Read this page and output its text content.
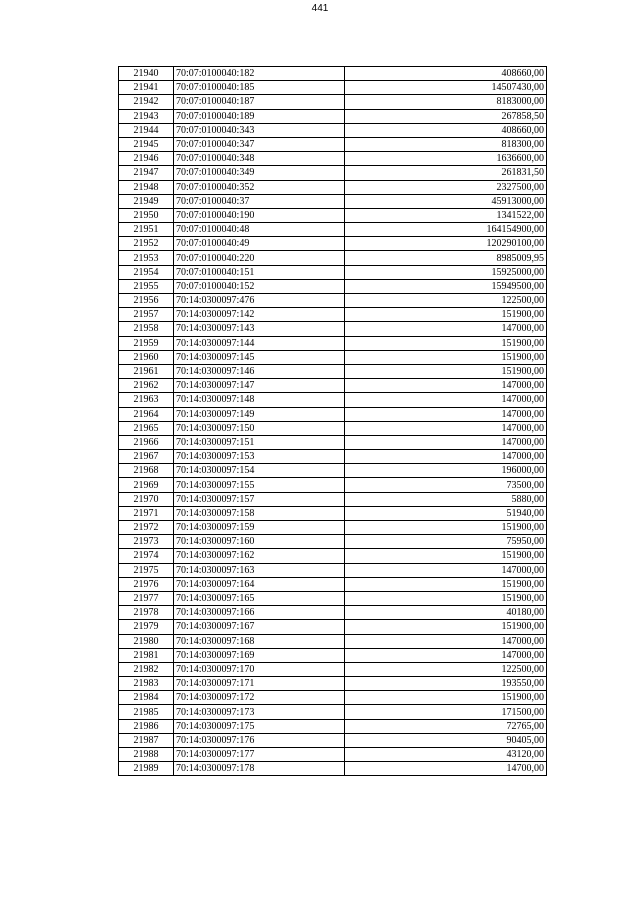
441
21940	70:07:0100040:182	408660,00
21941	70:07:0100040:185	14507430,00
21942	70:07:0100040:187	8183000,00
21943	70:07:0100040:189	267858,50
21944	70:07:0100040:343	408660,00
21945	70:07:0100040:347	818300,00
21946	70:07:0100040:348	1636600,00
21947	70:07:0100040:349	261831,50
21948	70:07:0100040:352	2327500,00
21949	70:07:0100040:37	45913000,00
21950	70:07:0100040:190	1341522,00
21951	70:07:0100040:48	164154900,00
21952	70:07:0100040:49	120290100,00
21953	70:07:0100040:220	8985009,95
21954	70:07:0100040:151	15925000,00
21955	70:07:0100040:152	15949500,00
21956	70:14:0300097:476	122500,00
21957	70:14:0300097:142	151900,00
21958	70:14:0300097:143	147000,00
21959	70:14:0300097:144	151900,00
21960	70:14:0300097:145	151900,00
21961	70:14:0300097:146	151900,00
21962	70:14:0300097:147	147000,00
21963	70:14:0300097:148	147000,00
21964	70:14:0300097:149	147000,00
21965	70:14:0300097:150	147000,00
21966	70:14:0300097:151	147000,00
21967	70:14:0300097:153	147000,00
21968	70:14:0300097:154	196000,00
21969	70:14:0300097:155	73500,00
21970	70:14:0300097:157	5880,00
21971	70:14:0300097:158	51940,00
21972	70:14:0300097:159	151900,00
21973	70:14:0300097:160	75950,00
21974	70:14:0300097:162	151900,00
21975	70:14:0300097:163	147000,00
21976	70:14:0300097:164	151900,00
21977	70:14:0300097:165	151900,00
21978	70:14:0300097:166	40180,00
21979	70:14:0300097:167	151900,00
21980	70:14:0300097:168	147000,00
21981	70:14:0300097:169	147000,00
21982	70:14:0300097:170	122500,00
21983	70:14:0300097:171	193550,00
21984	70:14:0300097:172	151900,00
21985	70:14:0300097:173	171500,00
21986	70:14:0300097:175	72765,00
21987	70:14:0300097:176	90405,00
21988	70:14:0300097:177	43120,00
21989	70:14:0300097:178	14700,00
